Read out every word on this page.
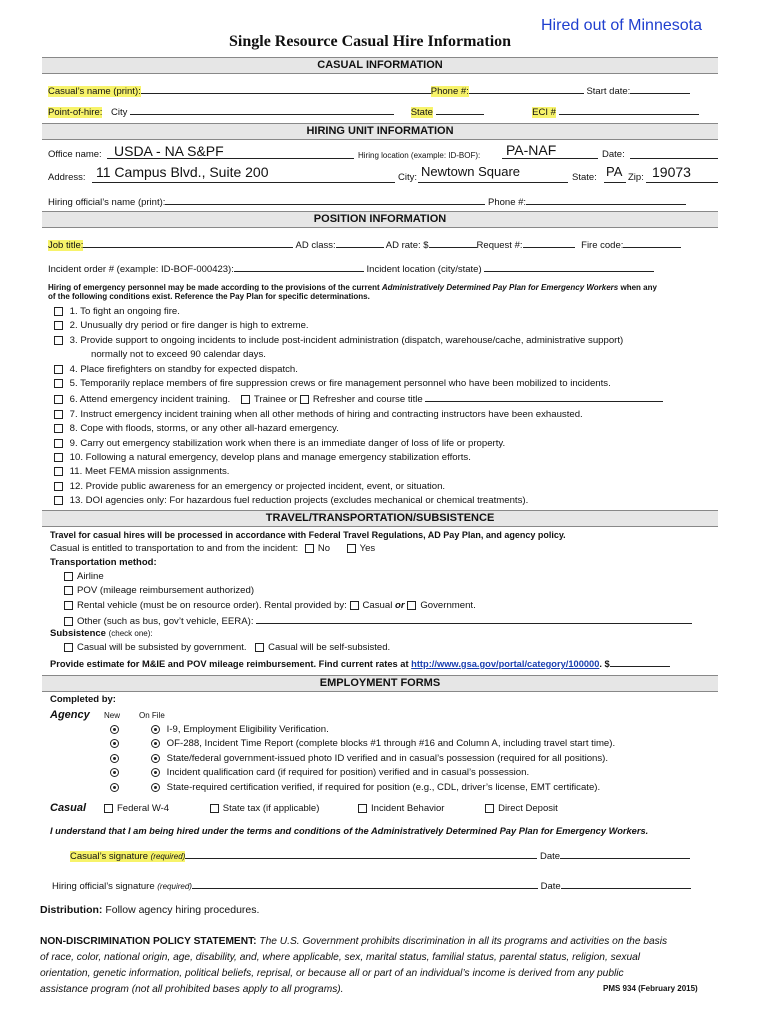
Hired out of Minnesota
Single Resource Casual Hire Information
CASUAL INFORMATION
Casual’s name (print):	Phone #:	Start date:
Point-of-hire: City	State	ECI #
HIRING UNIT INFORMATION
Office name: USDA - NA S&PF	Hiring location (example: ID-BOF): PA-NAF	Date:
Address: 11 Campus Blvd., Suite 200	City: Newtown Square	State: PA Zip: 19073
Hiring official’s name (print):	Phone #:
POSITION INFORMATION
Job title:	AD class:	AD rate: $	Request #:	Fire code:
Incident order # (example: ID-BOF-000423):	Incident location (city/state)
Hiring of emergency personnel may be made according to the provisions of the current Administratively Determined Pay Plan for Emergency Workers when any
of the following conditions exist. Reference the Pay Plan for specific determinations.
1. To fight an ongoing fire.
2. Unusually dry period or fire danger is high to extreme.
3. Provide support to ongoing incidents to include post-incident administration (dispatch, warehouse/cache, administrative support)
normally not to exceed 90 calendar days.
4. Place firefighters on standby for expected dispatch.
5. Temporarily replace members of fire suppression crews or fire management personnel who have been mobilized to incidents.
6. Attend emergency incident training. Trainee or Refresher and course title
7. Instruct emergency incident training when all other methods of hiring and contracting instructors have been exhausted.
8. Cope with floods, storms, or any other all-hazard emergency.
9. Carry out emergency stabilization work when there is an immediate danger of loss of life or property.
10. Following a natural emergency, develop plans and manage emergency stabilization efforts.
11. Meet FEMA mission assignments.
12. Provide public awareness for an emergency or projected incident, event, or situation.
13. DOI agencies only: For hazardous fuel reduction projects (excludes mechanical or chemical treatments).
TRAVEL/TRANSPORTATION/SUBSISTENCE
Travel for casual hires will be processed in accordance with Federal Travel Regulations, AD Pay Plan, and agency policy.
Casual is entitled to transportation to and from the incident: No	Yes
Transportation method:
Airline
POV (mileage reimbursement authorized)
Rental vehicle (must be on resource order). Rental provided by: Casual or Government.
Other (such as bus, gov’t vehicle, EERA):
Subsistence (check one):
Casual will be subsisted by government. Casual will be self-subsisted.
Provide estimate for M&IE and POV mileage reimbursement. Find current rates at http://www.gsa.gov/portal/category/100000. $
EMPLOYMENT FORMS
Completed by:
Agency New On File
I-9, Employment Eligibility Verification.
OF-288, Incident Time Report (complete blocks #1 through #16 and Column A, including travel start time).
State/federal government-issued photo ID verified and in casual’s possession (required for all positions).
Incident qualification card (if required for position) verified and in casual’s possession.
State-required certification verified, if required for position (e.g., CDL, driver’s license, EMT certificate).
Casual	Federal W-4	State tax (if applicable)	Incident Behavior	Direct Deposit
I understand that I am being hired under the terms and conditions of the Administratively Determined Pay Plan for Emergency Workers.
Casual’s signature (required)	Date
Hiring official’s signature (required)	Date
Distribution: Follow agency hiring procedures.
NON-DISCRIMINATION POLICY STATEMENT: The U.S. Government prohibits discrimination in all its programs and activities on the basis
of race, color, national origin, age, disability, and, where applicable, sex, marital status, familial status, parental status, religion, sexual
orientation, genetic information, political beliefs, reprisal, or because all or part of an individual’s income is derived from any public
assistance program (not all prohibited bases apply to all programs).	PMS 934 (February 2015)
